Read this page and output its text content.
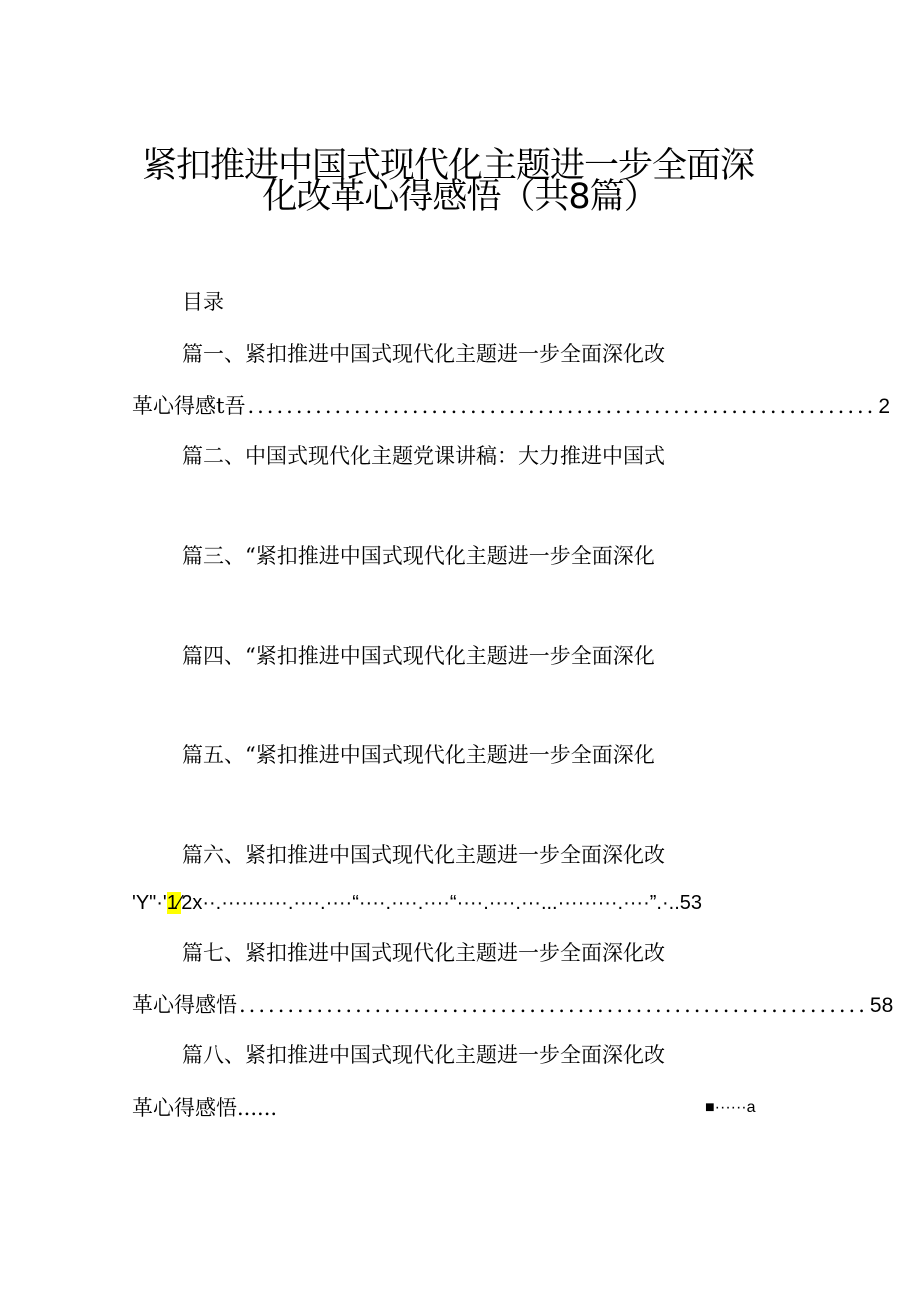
紧扣推进中国式现代化主题进一步全面深
化改革心得感悟（共8篇）
目录
篇一、紧扣推进中国式现代化主题进一步全面深化改
革心得感t吾 ................................................................. 2
篇二、中国式现代化主题党课讲稿：大力推进中国式
篇三、“紧扣推进中国式现代化主题进一步全面深化
篇四、“紧扣推进中国式现代化主题进一步全面深化
篇五、“紧扣推进中国式现代化主题进一步全面深化
篇六、紧扣推进中国式现代化主题进一步全面深化改
'Y"·'1⁄2x··.··········.····.····“····.····.····“····.····.···...·········.····”.·..53
篇七、紧扣推进中国式现代化主题进一步全面深化改
革心得感悟 ................................................................. 58
篇八、紧扣推进中国式现代化主题进一步全面深化改
革心得感悟......	■······a
